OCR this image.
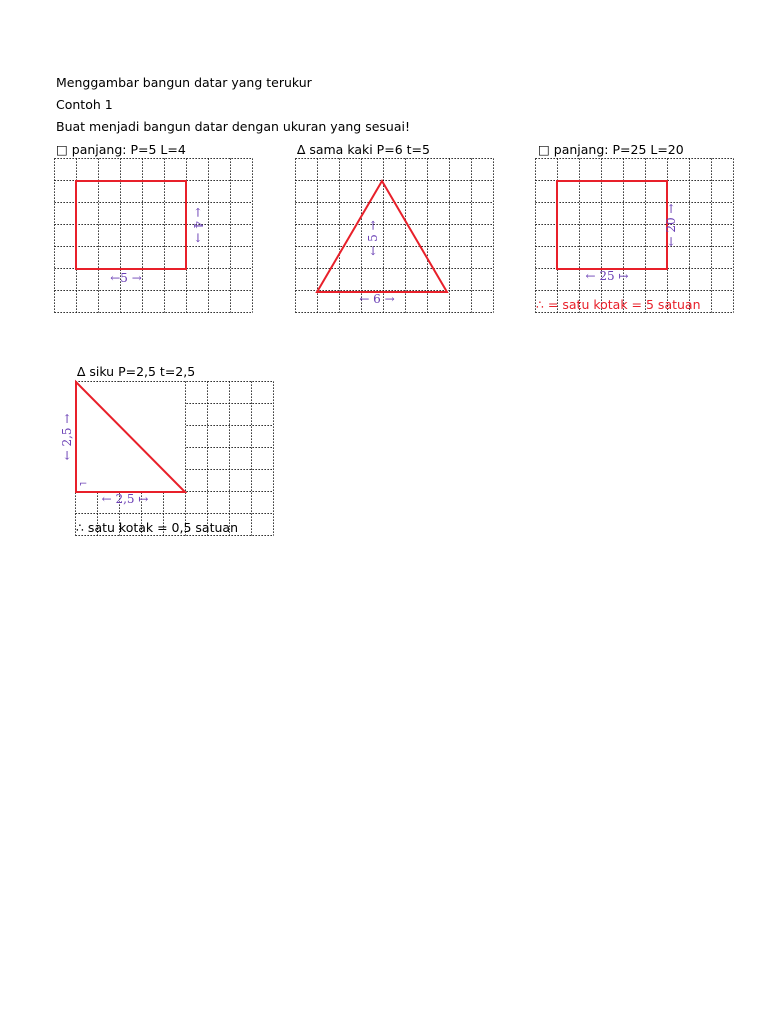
Menggambar bangun datar yang terukur
Contoh 1
Buat menjadi bangun datar dengan ukuran yang sesuai!
□ panjang: P=5 L=4
← 4 →
←5 →
∆ sama kaki P=6 t=5
← 5 →
← 6 →
□ panjang: P=25 L=20
← 20 →
← 25 ↦
∴ = satu kotak = 5 satuan
∆ siku P=2,5 t=2,5
⌐
← 2,5 →
← 2,5 ↦
∴ satu kotak = 0,5 satuan
